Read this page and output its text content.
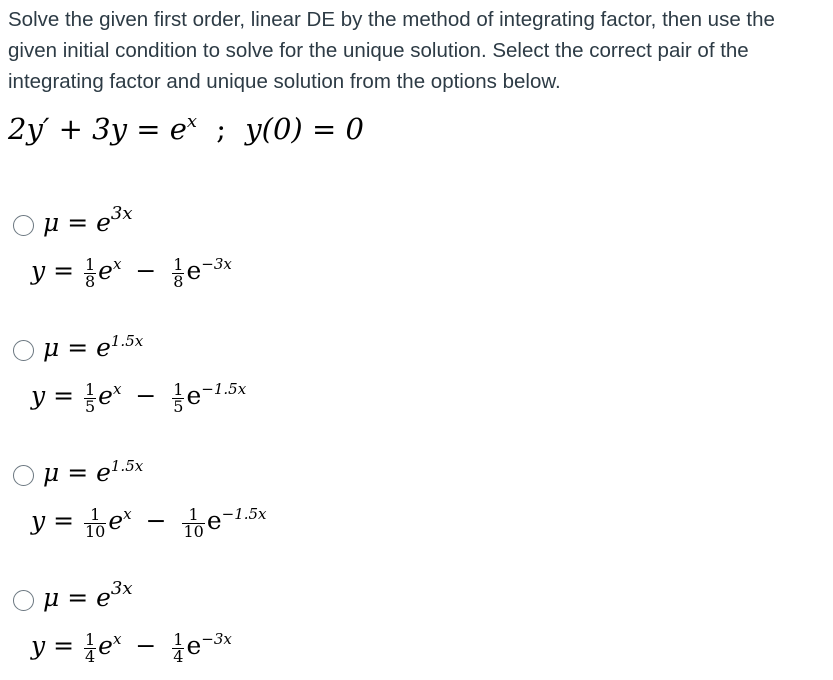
Solve the given first order, linear DE by the method of integrating factor, then use the given initial condition to solve for the unique solution. Select the correct pair of the integrating factor and unique solution from the options below.
$2y' + 3y = e^x$ ; y(0) = 0
$\mu = e^{3x}$
$y = \frac{1}{8} e^x - \frac{1}{8} e^{-3x}$
$\mu = e^{1.5x}$
$y = \frac{1}{5} e^x - \frac{1}{5} e^{-1.5x}$
$\mu = e^{1.5x}$
$y = \frac{1}{10} e^x - \frac{1}{10} e^{-1.5x}$
$\mu = e^{3x}$
$y = \frac{1}{4} e^x - \frac{1}{4} e^{-3x}$
